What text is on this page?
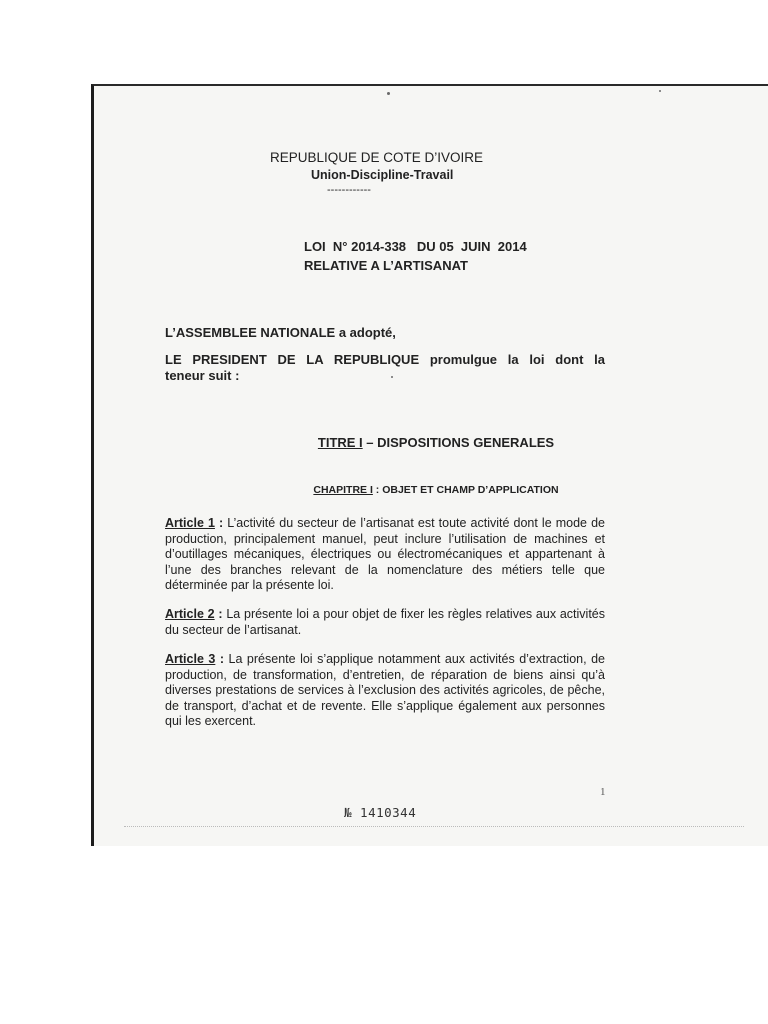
REPUBLIQUE DE COTE D’IVOIRE
Union-Discipline-Travail
------------
LOI  N° 2014-338   DU 05  JUIN  2014
RELATIVE A L’ARTISANAT
L’ASSEMBLEE NATIONALE a adopté,
LE PRESIDENT DE LA REPUBLIQUE promulgue la loi dont la
teneur suit :
TITRE I – DISPOSITIONS GENERALES
CHAPITRE I : OBJET ET CHAMP D’APPLICATION
Article 1 : L’activité du secteur de l’artisanat est toute activité dont le mode de production, principalement manuel, peut inclure l’utilisation de machines et d’outillages mécaniques, électriques ou électromécaniques et appartenant à l’une des branches relevant de la nomenclature des métiers telle que déterminée par la présente loi.
Article 2 : La présente loi a pour objet de fixer les règles relatives aux activités du secteur de l’artisanat.
Article 3 : La présente loi s’applique notamment aux activités d’extraction, de production, de transformation, d’entretien, de réparation de biens ainsi qu’à diverses prestations de services à l’exclusion des activités agricoles, de pêche, de transport, d’achat et de revente. Elle s’applique également aux personnes qui les exercent.
1
№ 1410344
